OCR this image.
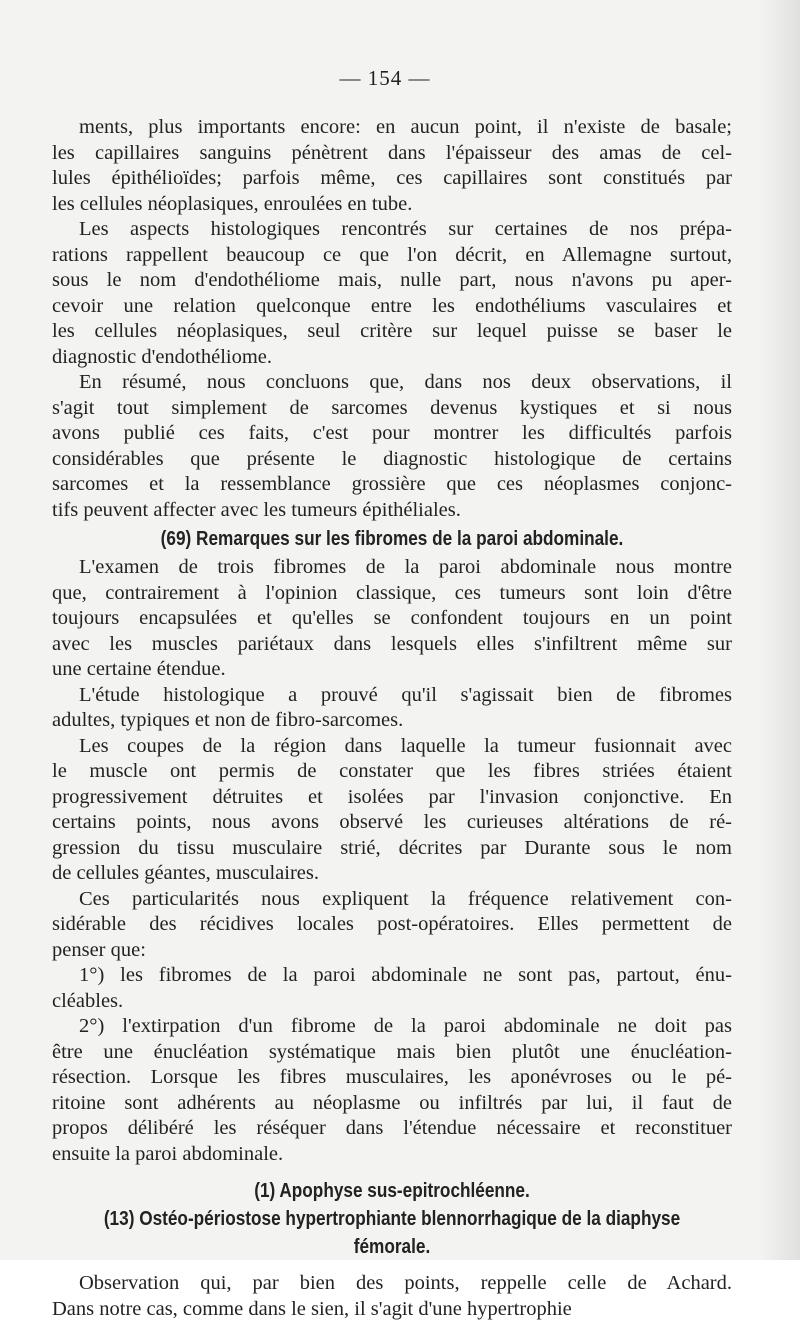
— 154 —
ments, plus importants encore: en aucun point, il n'existe de basale;
les capillaires sanguins pénètrent dans l'épaisseur des amas de cel-
lules épithélioïdes; parfois même, ces capillaires sont constitués par
les cellules néoplasiques, enroulées en tube.
Les aspects histologiques rencontrés sur certaines de nos prépa-
rations rappellent beaucoup ce que l'on décrit, en Allemagne surtout,
sous le nom d'endothéliome mais, nulle part, nous n'avons pu aper-
cevoir une relation quelconque entre les endothéliums vasculaires et
les cellules néoplasiques, seul critère sur lequel puisse se baser le
diagnostic d'endothéliome.
En résumé, nous concluons que, dans nos deux observations, il
s'agit tout simplement de sarcomes devenus kystiques et si nous
avons publié ces faits, c'est pour montrer les difficultés parfois
considérables que présente le diagnostic histologique de certains
sarcomes et la ressemblance grossière que ces néoplasmes conjonc-
tifs peuvent affecter avec les tumeurs épithéliales.
(69) Remarques sur les fibromes de la paroi abdominale.
L'examen de trois fibromes de la paroi abdominale nous montre
que, contrairement à l'opinion classique, ces tumeurs sont loin d'être
toujours encapsulées et qu'elles se confondent toujours en un point
avec les muscles pariétaux dans lesquels elles s'infiltrent même sur
une certaine étendue.
L'étude histologique a prouvé qu'il s'agissait bien de fibromes
adultes, typiques et non de fibro-sarcomes.
Les coupes de la région dans laquelle la tumeur fusionnait avec
le muscle ont permis de constater que les fibres striées étaient
progressivement détruites et isolées par l'invasion conjonctive. En
certains points, nous avons observé les curieuses altérations de ré-
gression du tissu musculaire strié, décrites par Durante sous le nom
de cellules géantes, musculaires.
Ces particularités nous expliquent la fréquence relativement con-
sidérable des récidives locales post-opératoires. Elles permettent de
penser que:
1°) les fibromes de la paroi abdominale ne sont pas, partout, énu-
cléables.
2°) l'extirpation d'un fibrome de la paroi abdominale ne doit pas
être une énucléation systématique mais bien plutôt une énucléation-
résection. Lorsque les fibres musculaires, les aponévroses ou le pé-
ritoine sont adhérents au néoplasme ou infiltrés par lui, il faut de
propos délibéré les réséquer dans l'étendue nécessaire et reconstituer
ensuite la paroi abdominale.
(1) Apophyse sus-epitrochléenne.
(13) Ostéo-périostose hypertrophiante blennorrhagique de la diaphyse
fémorale.
Observation qui, par bien des points, reppelle celle de Achard.
Dans notre cas, comme dans le sien, il s'agit d'une hypertrophie
